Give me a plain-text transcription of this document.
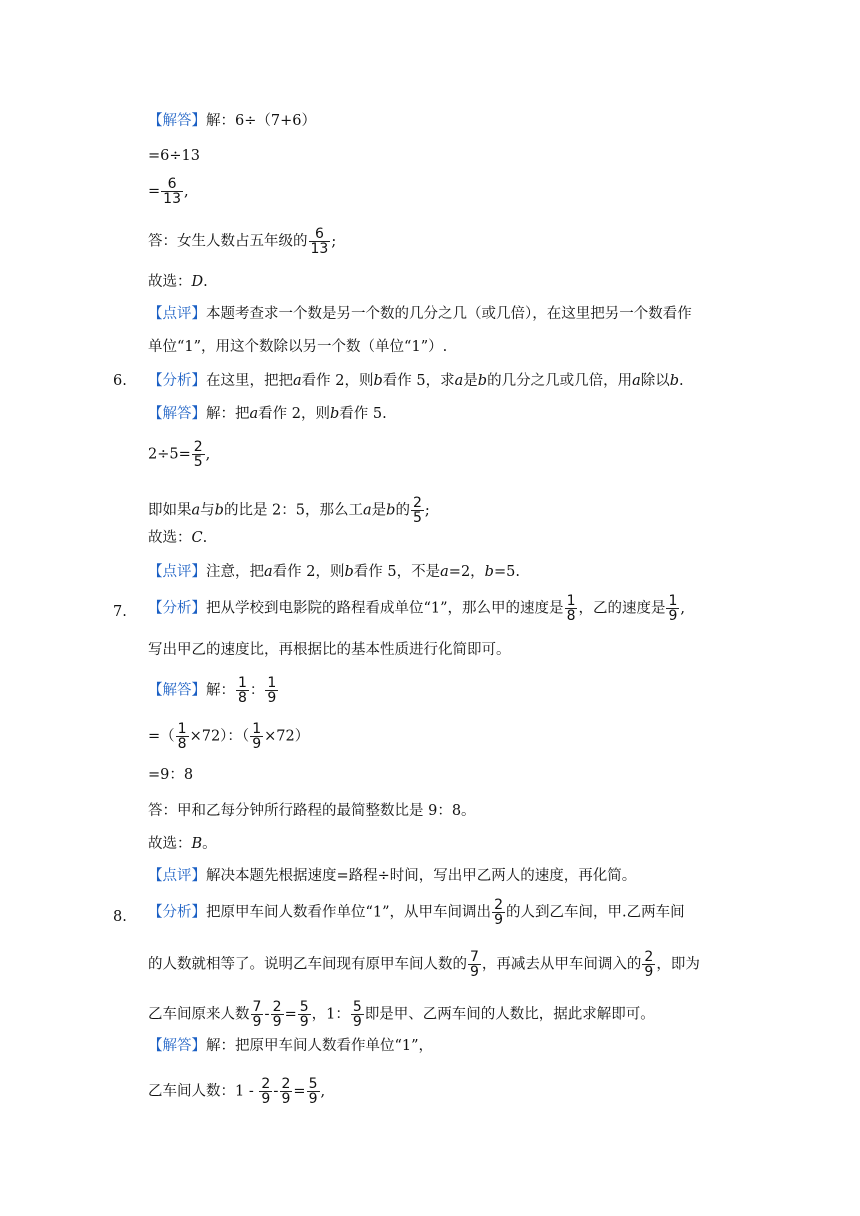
【解答】解：6÷（7+6）
=6÷13
= $\frac{6}{13}$ ,
答：女生人数占五年级的 $\frac{6}{13}$ ;
故选：D.
【点评】本题考查求一个数是另一个数的几分之几（或几倍），在这里把另一个数看作
单位“1”，用这个数除以另一个数（单位“1”）.
6. 【分析】在这里，把把a看作 2，则b看作 5，求a是b的几分之几或几倍，用a除以b.
【解答】解：把a看作 2，则b看作 5.
$2\div 5= \frac{2}{5}$ ,
即如果a与b的比是 2：5，那么工a是b的 $\frac{2}{5}$ ;
故选：C.
【点评】注意，把a看作 2，则b看作 5，不是a=2，b=5.
7. 【分析】把从学校到电影院的路程看成单位“1”，那么甲的速度是 $\frac{1}{8}$ ，乙的速度是 $\frac{1}{9}$ ,
写出甲乙的速度比，再根据比的基本性质进行化简即可。
【解答】解： $\frac{1}{8}$ ： $\frac{1}{9}$
=（ $\frac{1}{8} \times 72$）：（ $\frac{1}{9} \times 72$）
=9：8
答：甲和乙每分钟所行路程的最简整数比是 9：8。
故选：B。
【点评】解决本题先根据速度=路程÷时间，写出甲乙两人的速度，再化简。
8. 【分析】把原甲车间人数看作单位“1”，从甲车间调出 $\frac{2}{9}$ 的人到乙车间，甲.乙两车间
的人数就相等了。说明乙车间现有原甲车间人数的 $\frac{7}{9}$ ，再减去从甲车间调入的 $\frac{2}{9}$ ，即为
乙车间原来人数 $\frac{7}{9} - \frac{2}{9} = \frac{5}{9}$ ，1： $\frac{5}{9}$ 即是甲、乙两车间的人数比，据此求解即可。
【解答】解：把原甲车间人数看作单位“1”，
乙车间人数：$1 - \frac{2}{9} - \frac{2}{9} = \frac{5}{9}$ ,
